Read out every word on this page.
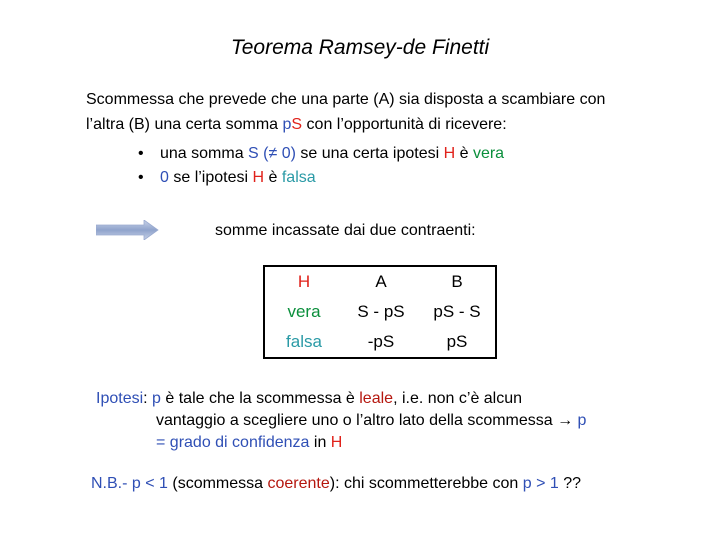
Teorema Ramsey-de Finetti
Scommessa che prevede che una parte (A) sia disposta a scambiare con
l’altra (B) una certa somma pS con l’opportunità di ricevere:
• una somma S (≠ 0) se una certa ipotesi H è vera
• 0 se l’ipotesi H è falsa
somme incassate dai due contraenti:
H	A	B
vera	S - pS	pS - S
falsa	-pS	pS
Ipotesi: p è tale che la scommessa è leale, i.e. non c’è alcun
vantaggio a scegliere uno o l’altro lato della scommessa → p
= grado di confidenza in H
N.B.- p < 1 (scommessa coerente): chi scommetterebbe con p > 1 ??
